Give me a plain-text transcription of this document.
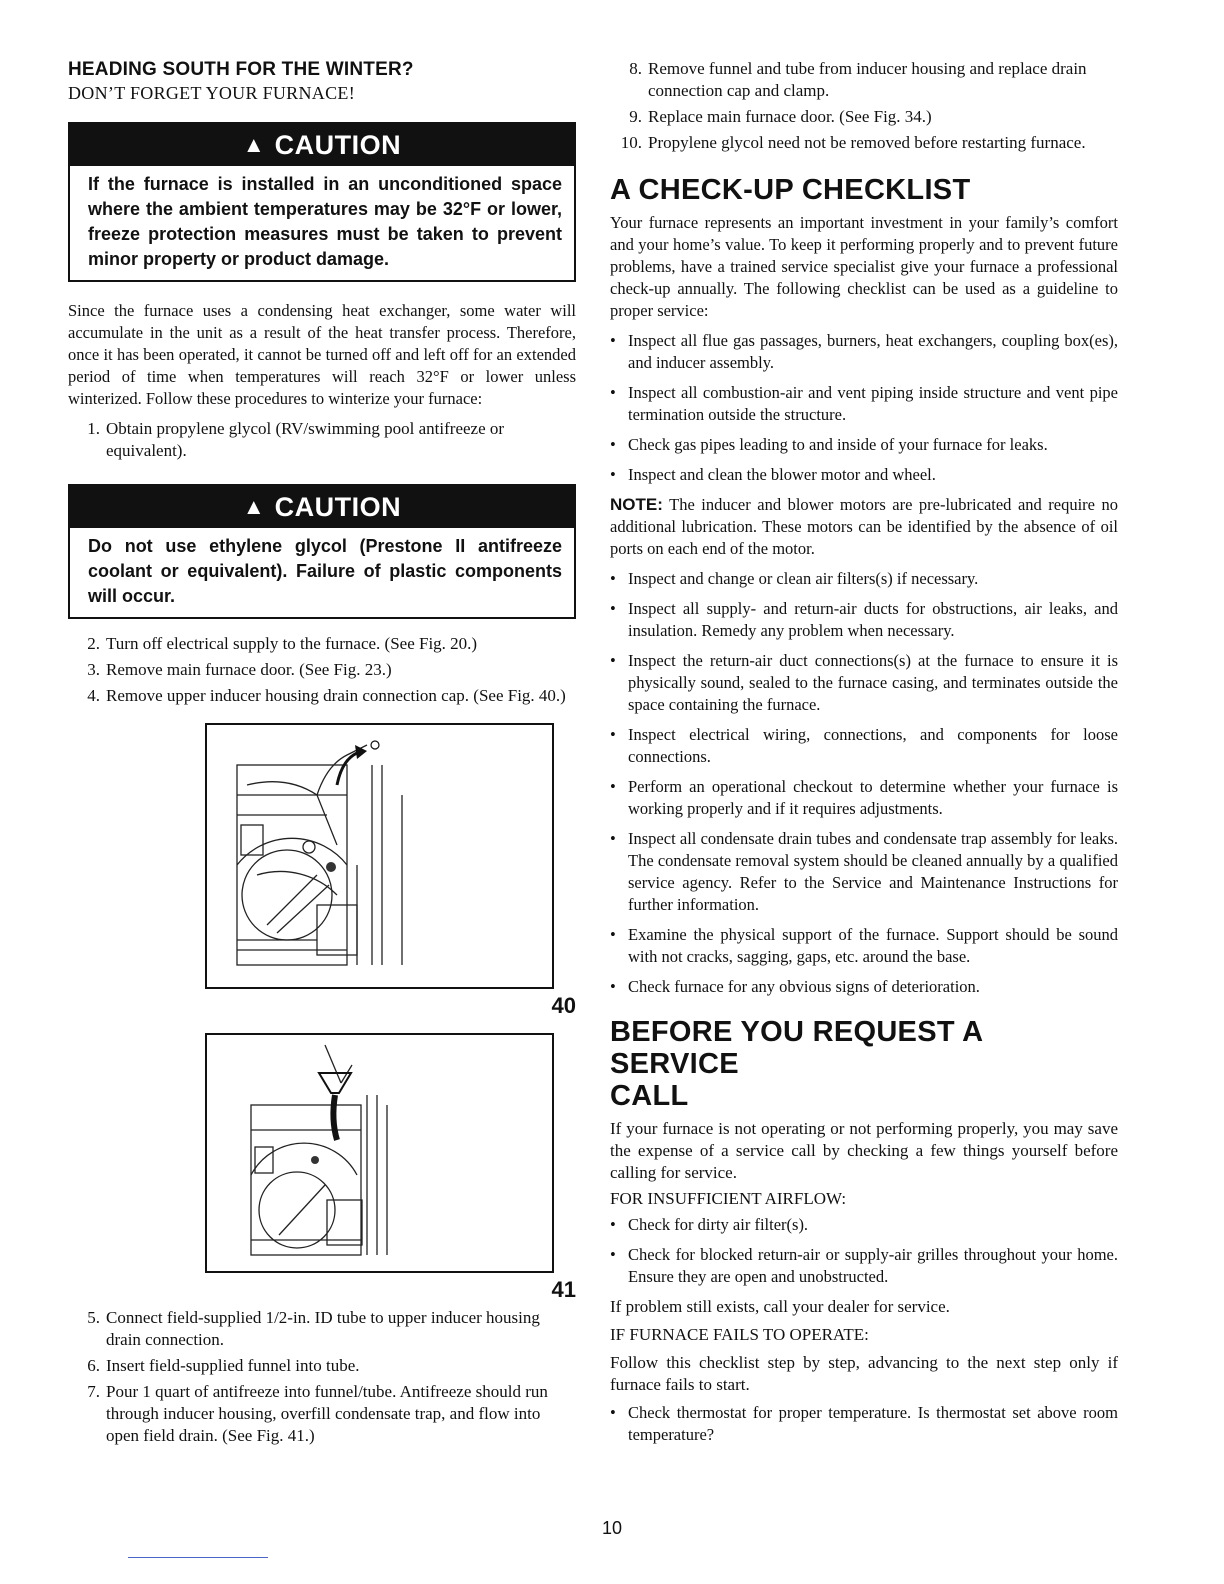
HEADING SOUTH FOR THE WINTER?
DON’T FORGET YOUR FURNACE!
▲ CAUTION
If the furnace is installed in an unconditioned space where the ambient temperatures may be 32°F or lower, freeze protection measures must be taken to prevent minor property or product damage.

Since the furnace uses a condensing heat exchanger, some water will accumulate in the unit as a result of the heat transfer process. Therefore, once it has been operated, it cannot be turned off and left off for an extended period of time when temperatures will reach 32°F or lower unless winterized. Follow these procedures to winterize your furnace:

1. Obtain propylene glycol (RV/swimming pool antifreeze or equivalent).
▲ CAUTION
Do not use ethylene glycol (Prestone II antifreeze coolant or equivalent). Failure of plastic components will occur.
2. Turn off electrical supply to the furnace. (See Fig. 20.)
3. Remove main furnace door. (See Fig. 23.)
4. Remove upper inducer housing drain connection cap. (See Fig. 40.)
40
41
5. Connect field-supplied 1/2-in. ID tube to upper inducer housing drain connection.
6. Insert field-supplied funnel into tube.
7. Pour 1 quart of antifreeze into funnel/tube. Antifreeze should run through inducer housing, overfill condensate trap, and flow into open field drain. (See Fig. 41.)
8. Remove funnel and tube from inducer housing and replace drain connection cap and clamp.
9. Replace main furnace door. (See Fig. 34.)
10. Propylene glycol need not be removed before restarting furnace.
A CHECK-UP CHECKLIST

Your furnace represents an important investment in your family’s comfort and your home’s value. To keep it performing properly and to prevent future problems, have a trained service specialist give your furnace a professional check-up annually. The following checklist can be used as a guideline to proper service:

• Inspect all flue gas passages, burners, heat exchangers, coupling box(es), and inducer assembly.
• Inspect all combustion-air and vent piping inside structure and vent pipe termination outside the structure.
• Check gas pipes leading to and inside of your furnace for leaks.
• Inspect and clean the blower motor and wheel.

NOTE: The inducer and blower motors are pre-lubricated and require no additional lubrication. These motors can be identified by the absence of oil ports on each end of the motor.

• Inspect and change or clean air filters(s) if necessary.
• Inspect all supply- and return-air ducts for obstructions, air leaks, and insulation. Remedy any problem when necessary.
• Inspect the return-air duct connections(s) at the furnace to ensure it is physically sound, sealed to the furnace casing, and terminates outside the space containing the furnace.
• Inspect electrical wiring, connections, and components for loose connections.
• Perform an operational checkout to determine whether your furnace is working properly and if it requires adjustments.
• Inspect all condensate drain tubes and condensate trap assembly for leaks. The condensate removal system should be cleaned annually by a qualified service agency. Refer to the Service and Maintenance Instructions for further information.
• Examine the physical support of the furnace. Support should be sound with not cracks, sagging, gaps, etc. around the base.
• Check furnace for any obvious signs of deterioration.
BEFORE YOU REQUEST A SERVICE
CALL

If your furnace is not operating or not performing properly, you may save the expense of a service call by checking a few things yourself before calling for service.

FOR INSUFFICIENT AIRFLOW:

• Check for dirty air filter(s).
• Check for blocked return-air or supply-air grilles throughout your home. Ensure they are open and unobstructed.

If problem still exists, call your dealer for service.

IF FURNACE FAILS TO OPERATE:

Follow this checklist step by step, advancing to the next step only if furnace fails to start.

• Check thermostat for proper temperature. Is thermostat set above room temperature?
10
